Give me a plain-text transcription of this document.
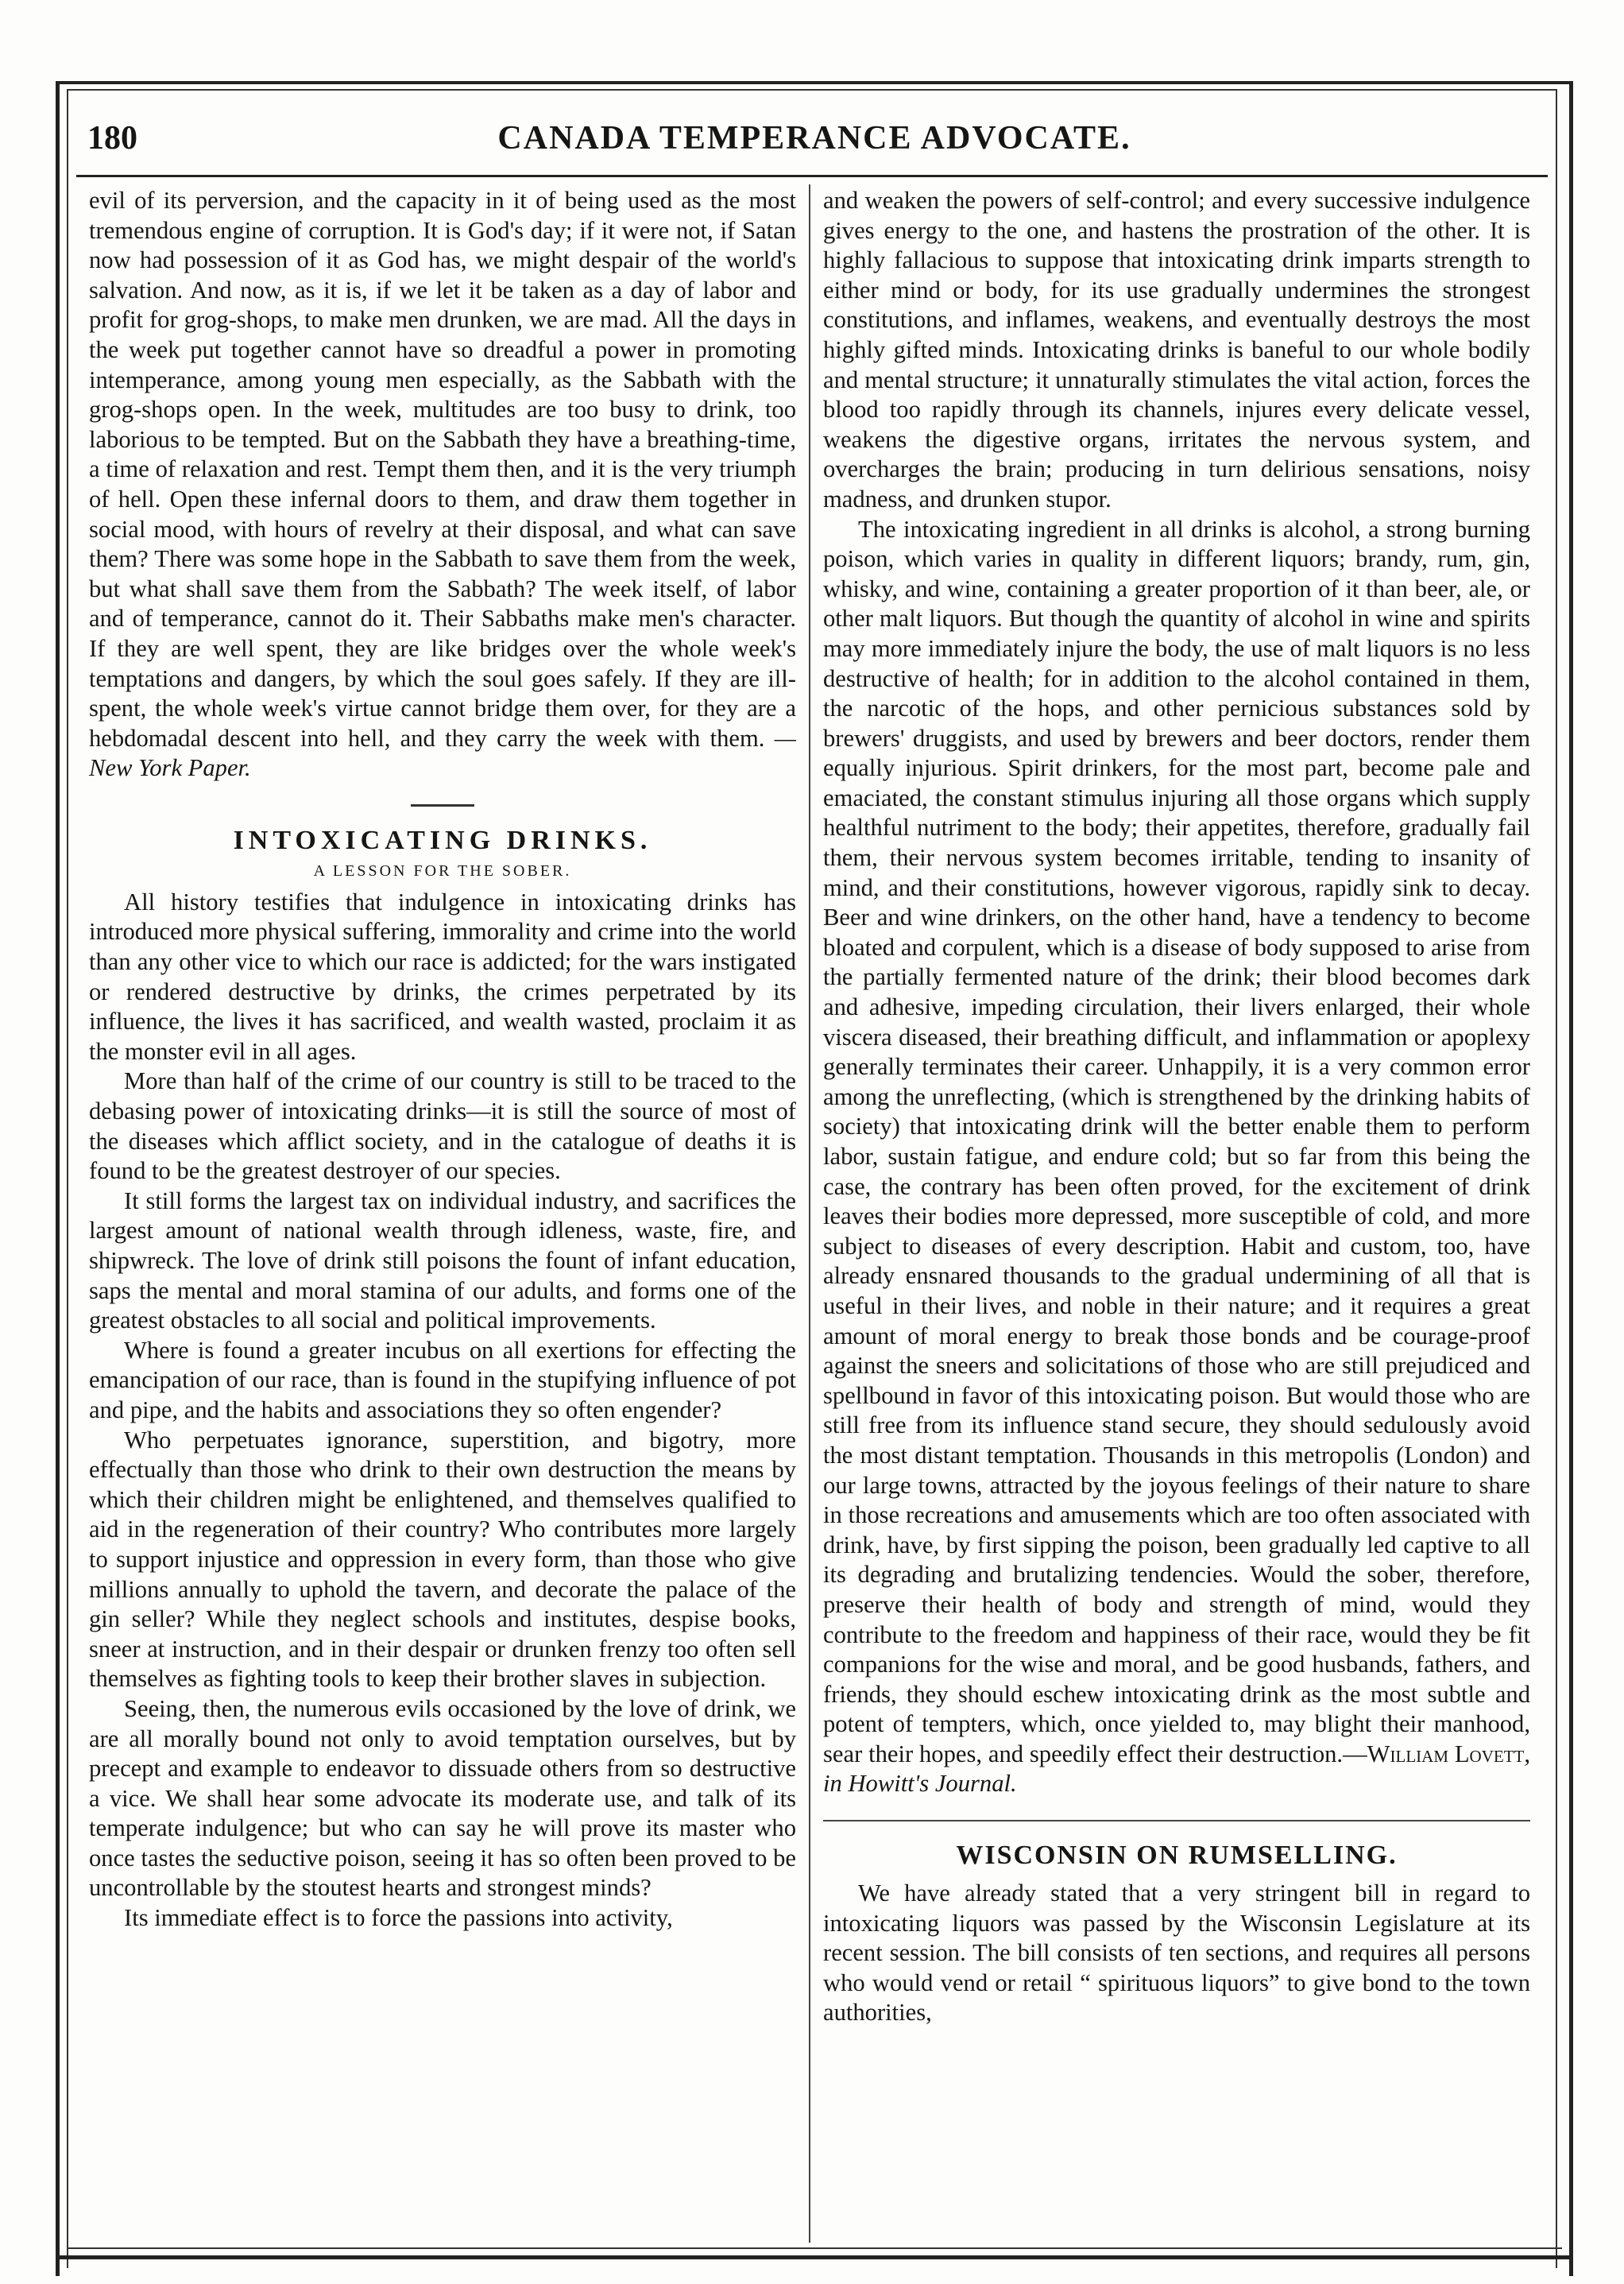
CANADA TEMPERANCE ADVOCATE.
180

evil of its perversion, and the capacity in it of being used as the most tremendous engine of corruption. It is God's day; if it were not, if Satan now had possession of it as God has, we might despair of the world's salvation. And now, as it is, if we let it be taken as a day of labor and profit for grog-shops, to make men drunken, we are mad. All the days in the week put together cannot have so dreadful a power in promoting intemperance, among young men especially, as the Sabbath with the grog-shops open. In the week, multitudes are too busy to drink, too laborious to be tempted. But on the Sabbath they have a breathing-time, a time of relaxation and rest. Tempt them then, and it is the very triumph of hell. Open these infernal doors to them, and draw them together in social mood, with hours of revelry at their disposal, and what can save them? There was some hope in the Sabbath to save them from the week, but what shall save them from the Sabbath? The week itself, of labor and of temperance, cannot do it. Their Sabbaths make men's character. If they are well spent, they are like bridges over the whole week's temptations and dangers, by which the soul goes safely. If they are ill-spent, the whole week's virtue cannot bridge them over, for they are a hebdomadal descent into hell, and they carry the week with them. —New York Paper.

INTOXICATING DRINKS.
A LESSON FOR THE SOBER.

All history testifies that indulgence in intoxicating drinks has introduced more physical suffering, immorality and crime into the world than any other vice to which our race is addicted; for the wars instigated or rendered destructive by drinks, the crimes perpetrated by its influence, the lives it has sacrificed, and wealth wasted, proclaim it as the monster evil in all ages.

More than half of the crime of our country is still to be traced to the debasing power of intoxicating drinks—it is still the source of most of the diseases which afflict society, and in the catalogue of deaths it is found to be the greatest destroyer of our species.

It still forms the largest tax on individual industry, and sacrifices the largest amount of national wealth through idleness, waste, fire, and shipwreck. The love of drink still poisons the fount of infant education, saps the mental and moral stamina of our adults, and forms one of the greatest obstacles to all social and political improvements.

Where is found a greater incubus on all exertions for effecting the emancipation of our race, than is found in the stupifying influence of pot and pipe, and the habits and associations they so often engender?

Who perpetuates ignorance, superstition, and bigotry, more effectually than those who drink to their own destruction the means by which their children might be enlightened, and themselves qualified to aid in the regeneration of their country? Who contributes more largely to support injustice and oppression in every form, than those who give millions annually to uphold the tavern, and decorate the palace of the gin seller? While they neglect schools and institutes, despise books, sneer at instruction, and in their despair or drunken frenzy too often sell themselves as fighting tools to keep their brother slaves in subjection.

Seeing, then, the numerous evils occasioned by the love of drink, we are all morally bound not only to avoid temptation ourselves, but by precept and example to endeavor to dissuade others from so destructive a vice. We shall hear some advocate its moderate use, and talk of its temperate indulgence; but who can say he will prove its master who once tastes the seductive poison, seeing it has so often been proved to be uncontrollable by the stoutest hearts and strongest minds?

Its immediate effect is to force the passions into activity,

and weaken the powers of self-control; and every successive indulgence gives energy to the one, and hastens the prostration of the other. It is highly fallacious to suppose that intoxicating drink imparts strength to either mind or body, for its use gradually undermines the strongest constitutions, and inflames, weakens, and eventually destroys the most highly gifted minds. Intoxicating drinks is baneful to our whole bodily and mental structure; it unnaturally stimulates the vital action, forces the blood too rapidly through its channels, injures every delicate vessel, weakens the digestive organs, irritates the nervous system, and overcharges the brain; producing in turn delirious sensations, noisy madness, and drunken stupor.

The intoxicating ingredient in all drinks is alcohol, a strong burning poison, which varies in quality in different liquors; brandy, rum, gin, whisky, and wine, containing a greater proportion of it than beer, ale, or other malt liquors. But though the quantity of alcohol in wine and spirits may more immediately injure the body, the use of malt liquors is no less destructive of health; for in addition to the alcohol contained in them, the narcotic of the hops, and other pernicious substances sold by brewers' druggists, and used by brewers and beer doctors, render them equally injurious. Spirit drinkers, for the most part, become pale and emaciated, the constant stimulus injuring all those organs which supply healthful nutriment to the body; their appetites, therefore, gradually fail them, their nervous system becomes irritable, tending to insanity of mind, and their constitutions, however vigorous, rapidly sink to decay. Beer and wine drinkers, on the other hand, have a tendency to become bloated and corpulent, which is a disease of body supposed to arise from the partially fermented nature of the drink; their blood becomes dark and adhesive, impeding circulation, their livers enlarged, their whole viscera diseased, their breathing difficult, and inflammation or apoplexy generally terminates their career. Unhappily, it is a very common error among the unreflecting, (which is strengthened by the drinking habits of society) that intoxicating drink will the better enable them to perform labor, sustain fatigue, and endure cold; but so far from this being the case, the contrary has been often proved, for the excitement of drink leaves their bodies more depressed, more susceptible of cold, and more subject to diseases of every description. Habit and custom, too, have already ensnared thousands to the gradual undermining of all that is useful in their lives, and noble in their nature; and it requires a great amount of moral energy to break those bonds and be courage-proof against the sneers and solicitations of those who are still prejudiced and spellbound in favor of this intoxicating poison. But would those who are still free from its influence stand secure, they should sedulously avoid the most distant temptation. Thousands in this metropolis (London) and our large towns, attracted by the joyous feelings of their nature to share in those recreations and amusements which are too often associated with drink, have, by first sipping the poison, been gradually led captive to all its degrading and brutalizing tendencies. Would the sober, therefore, preserve their health of body and strength of mind, would they contribute to the freedom and happiness of their race, would they be fit companions for the wise and moral, and be good husbands, fathers, and friends, they should eschew intoxicating drink as the most subtle and potent of tempters, which, once yielded to, may blight their manhood, sear their hopes, and speedily effect their destruction.—William Lovett, in Howitt's Journal.

WISCONSIN ON RUMSELLING.

We have already stated that a very stringent bill in regard to intoxicating liquors was passed by the Wisconsin Legislature at its recent session. The bill consists of ten sections, and requires all persons who would vend or retail “ spirituous liquors” to give bond to the town authorities,
